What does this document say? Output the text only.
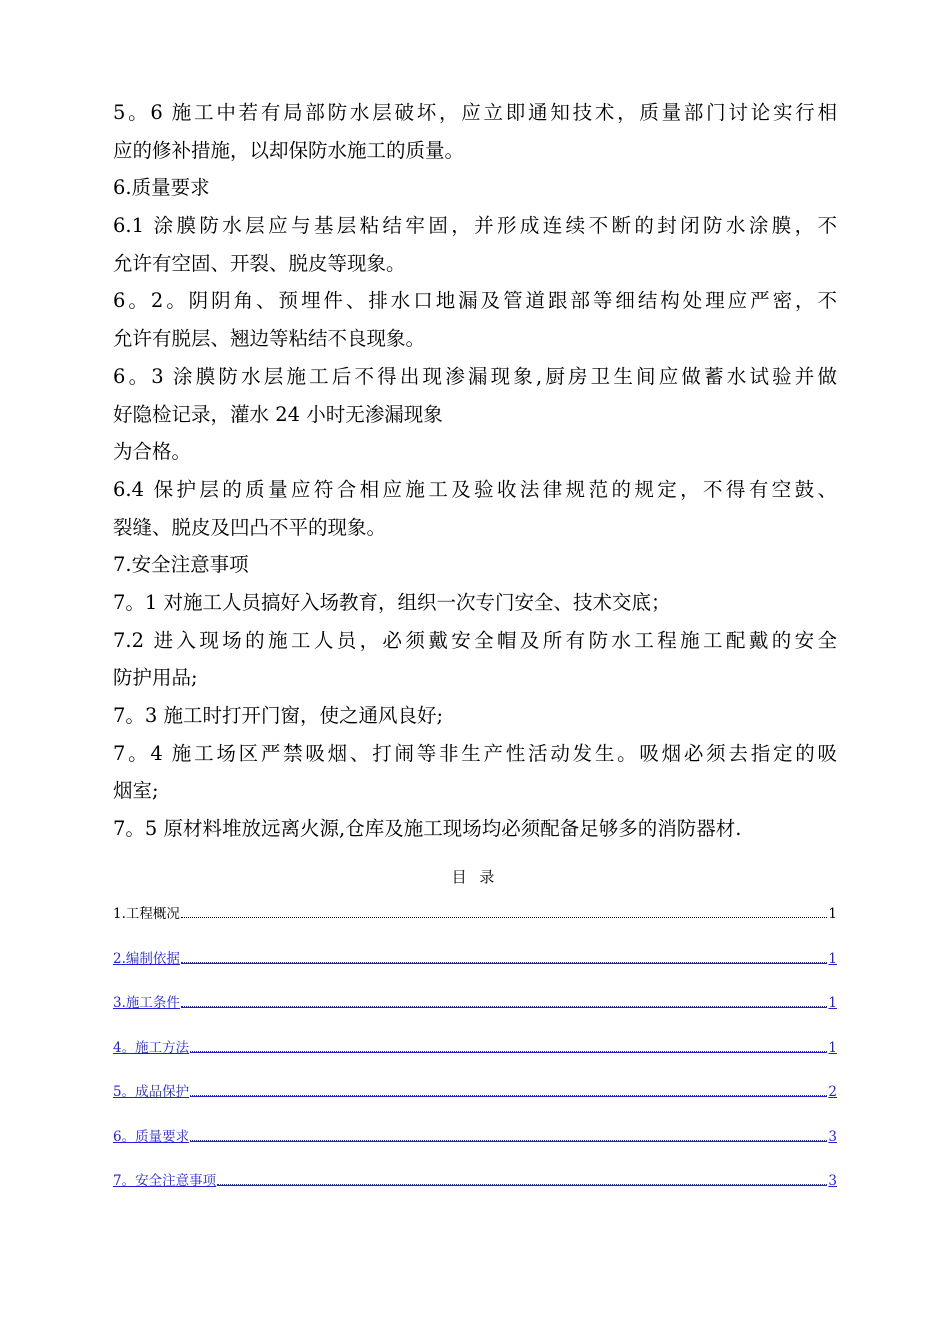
5。6 施工中若有局部防水层破坏，应立即通知技术，质量部门讨论实行相
应的修补措施，以却保防水施工的质量。
6.质量要求
6.1 涂膜防水层应与基层粘结牢固，并形成连续不断的封闭防水涂膜，不
允许有空固、开裂、脱皮等现象。
6。2。阴阴角、预埋件、排水口地漏及管道跟部等细结构处理应严密，不
允许有脱层、翘边等粘结不良现象。
6。3 涂膜防水层施工后不得出现渗漏现象,厨房卫生间应做蓄水试验并做
好隐检记录，灌水 24 小时无渗漏现象
为合格。
6.4 保护层的质量应符合相应施工及验收法律规范的规定，不得有空鼓、
裂缝、脱皮及凹凸不平的现象。
7.安全注意事项
7。1 对施工人员搞好入场教育，组织一次专门安全、技术交底；
7.2 进入现场的施工人员，必须戴安全帽及所有防水工程施工配戴的安全
防护用品;
7。3 施工时打开门窗，使之通风良好;
7。4 施工场区严禁吸烟、打闹等非生产性活动发生。吸烟必须去指定的吸
烟室;
7。5 原材料堆放远离火源,仓库及施工现场均必须配备足够多的消防器材.
目 录
1.工程概况	1
2.编制依据	1
3.施工条件	1
4。施工方法	1
5。成品保护	2
6。质量要求	3
7。安全注意事项	3
